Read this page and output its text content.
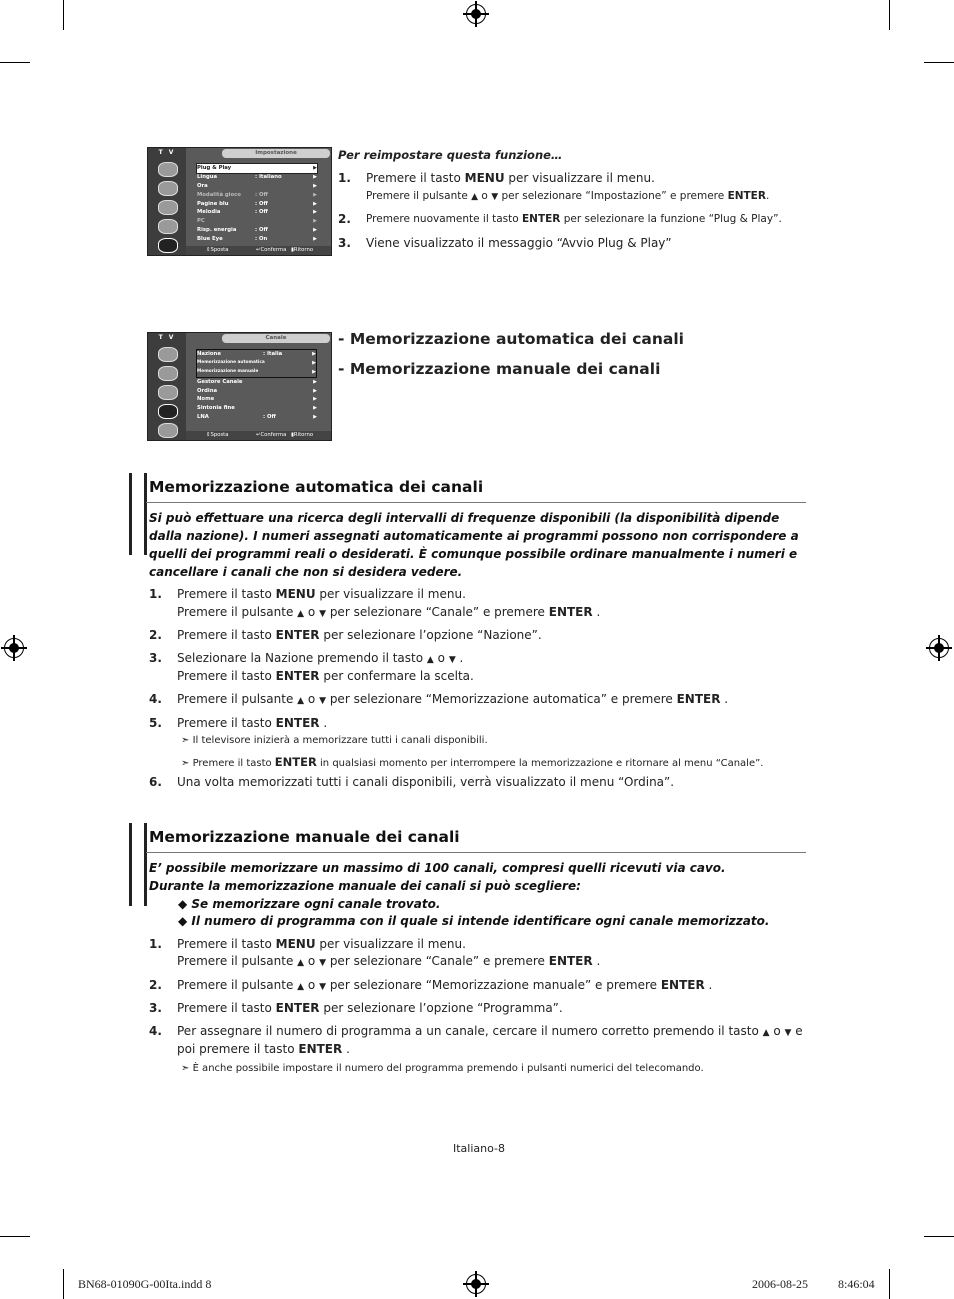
T V	Impostazione
Plug & Play	▶
Lingua	: Italiano	▶
Ora	▶
Modalità gioco	: Off	▶
Pagine blu	: Off	▶
Melodia	: Off	▶
PC	▶
Risp. energia	: Off	▶
Blue Eye	: On	▶
⇕ Sposta	↵ Conferma ▮ Ritorno
Per reimpostare questa funzione…
1. Premere il tasto MENU per visualizzare il menu.
Premere il pulsante ▲ o ▼ per selezionare “Impostazione” e premere ENTER.
2. Premere nuovamente il tasto ENTER per selezionare la funzione “Plug & Play”.
3. Viene visualizzato il messaggio “Avvio Plug & Play”
T V	Canale
Nazione	: Italia	▶
Memorizzazione automatica	▶
Memorizzazione manuale	▶
Gestore Canale	▶
Ordina	▶
Nome	▶
Sintonia fine	▶
LNA	: Off	▶
⇕ Sposta	↵ Conferma ▮ Ritorno
- Memorizzazione automatica dei canali
- Memorizzazione manuale dei canali
Memorizzazione automatica dei canali
Si può effettuare una ricerca degli intervalli di frequenze disponibili (la disponibilità dipende dalla nazione). I numeri assegnati automaticamente ai programmi possono non corrispondere a quelli dei programmi reali o desiderati. È comunque possibile ordinare manualmente i numeri e cancellare i canali che non si desidera vedere.
1. Premere il tasto MENU per visualizzare il menu.
Premere il pulsante ▲ o ▼ per selezionare “Canale” e premere ENTER .
2. Premere il tasto ENTER per selezionare l’opzione “Nazione”.
3. Selezionare la Nazione premendo il tasto ▲ o ▼ .
Premere il tasto ENTER per confermare la scelta.
4. Premere il pulsante ▲ o ▼ per selezionare “Memorizzazione automatica” e premere ENTER .
5. Premere il tasto ENTER .
➣ Il televisore inizierà a memorizzare tutti i canali disponibili.
➣ Premere il tasto ENTER in qualsiasi momento per interrompere la memorizzazione e ritornare al menu “Canale”.
6. Una volta memorizzati tutti i canali disponibili, verrà visualizzato il menu “Ordina”.
Memorizzazione manuale dei canali
E’ possibile memorizzare un massimo di 100 canali, compresi quelli ricevuti via cavo.
Durante la memorizzazione manuale dei canali si può scegliere:
◆ Se memorizzare ogni canale trovato.
◆ Il numero di programma con il quale si intende identificare ogni canale memorizzato.
1. Premere il tasto MENU per visualizzare il menu.
Premere il pulsante ▲ o ▼ per selezionare “Canale” e premere ENTER .
2. Premere il pulsante ▲ o ▼ per selezionare “Memorizzazione manuale” e premere ENTER .
3. Premere il tasto ENTER per selezionare l’opzione “Programma”.
4. Per assegnare il numero di programma a un canale, cercare il numero corretto premendo il tasto ▲ o ▼ e
poi premere il tasto ENTER .
➣ È anche possibile impostare il numero del programma premendo i pulsanti numerici del telecomando.
Italiano-8
BN68-01090G-00Ita.indd 8	2006-08-25	8:46:04
